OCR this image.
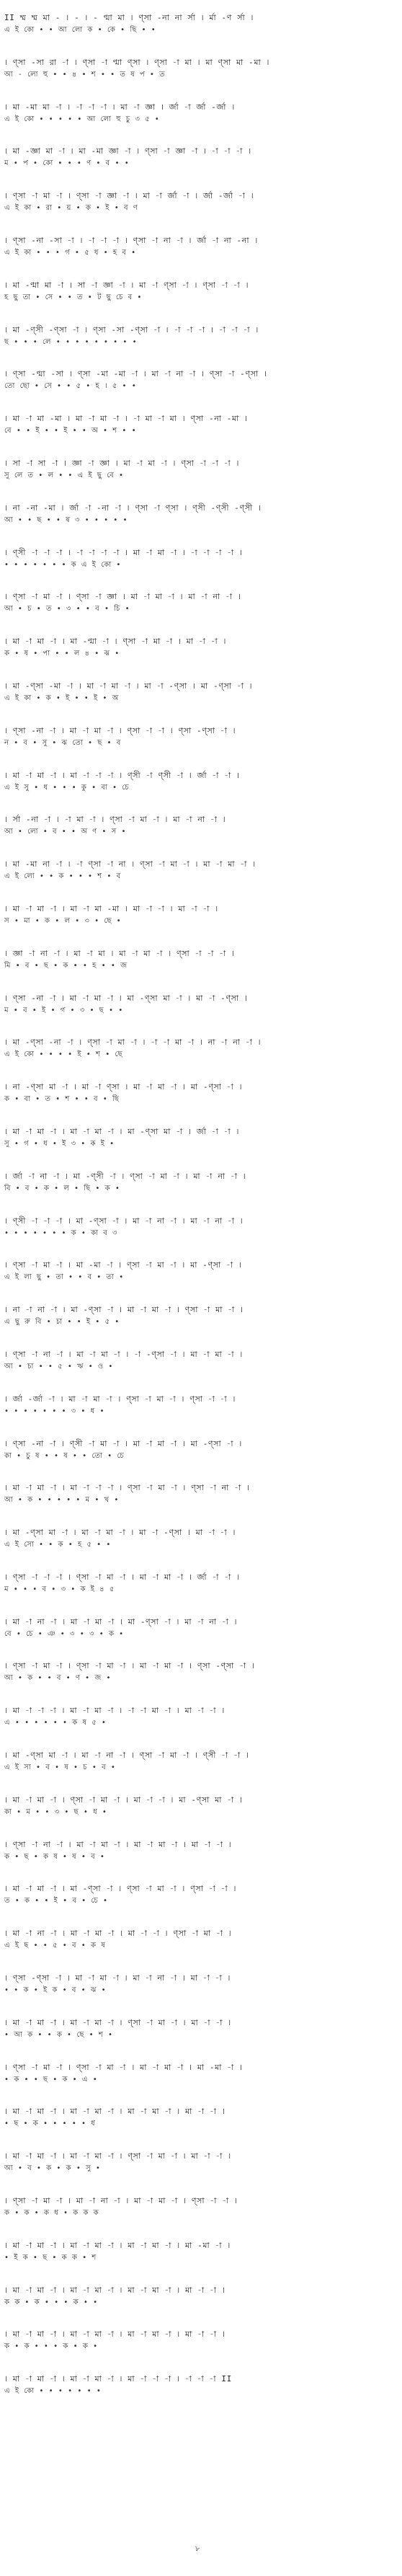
II ম্ম ম্ম মা - । - । - ণ্মা মা । ণ্সা -না না র্সা । র্মা -ণ র্সা ।
এ ই কো • • আ লো ক • কে • ছি • •
। ণ্সা -সা রা -া । ণ্সা -া ণ্মা ণ্সা । ণ্সা -া মা । মা ণ্সা মা -মা ।
আ - লো হু • • ৪ • শ • • ত ষ প • ত
। মা -মা মা -া । -া -া -া । মা -া জ্ঞা । র্জা -া র্জা -র্জা ।
এ ই কো • • • • • আ লো হু চু ৩ ৫ •
। মা -জ্ঞা মা -া । মা -মা জ্ঞা -া । ণ্সা -া জ্ঞা -া । -া -া -া ।
ম • প • কো • • • ণ • ব • •
। ণ্সা -া মা -া । ণ্সা -া জ্ঞা -া । মা -া র্জা -া । র্জা -র্জা -া ।
এ ই কা • রা • য় • ক • ই • ব ণ
। ণ্সা -না -সা -া । -া -া -া । ণ্সা -া না -া । র্জা -া না -না ।
এ ই কা • • • গ • ৫ ধ • হ ব •
। মা -ণ্মা মা -া । সা -া জ্ঞা -া । মা -া ণ্সা -া । ণ্সা -া -া ।
হ ছু তা • সে • • ত • ট ছু চে ব •
। মা -ণ্সী -ণ্সা -া । ণ্সা -সা -ণ্সা -া । -া -া -া । -া -া -া ।
ছ • • • লে • • • • • • • • •
। ণ্সা -ণ্মা -সা । ণ্সা -মা -মা -া । মা -া না -া । ণ্সা -া -ণ্সা ।
তো ছো • সে • • ৫ • হ । ৫ • •
। মা -া মা -মা । মা -া মা -া । -া মা -া মা । ণ্সা -না -মা ।
বে • • ই • • ই • • অ • শ • •
। সা -া সা -া । জ্ঞা -া জ্ঞা । মা -া মা -া । ণ্সা -া -া -া ।
সু লে ত • ল • • এ ই ছু বে •
। না -না -মা । র্জা -া -না -া । ণ্সা -া ণ্সা । ণ্সী -ণ্সী -ণ্সী ।
আ • • ছ • • ষ ৩ • • • • •
। ণ্সী -া -া -া । -া -া -া -া । মা -া মা -া । -া -া -া -া ।
• • • • • • • ক এ ই কো •
। ণ্সা -া মা -া । ণ্সা -া জ্ঞা । মা -া মা -া । মা -া না -া ।
আ • চ • ত • ৩ • • ব • চি •
। মা -া মা -া । মা -ণ্মা -া । ণ্সা -া মা -া । মা -া -া ।
ক • ষ • পা • • ল ৪ • ঝ •
। মা -ণ্সা -মা -া । মা -া মা -া । মা -া -ণ্সা । মা -ণ্সা -া ।
এ ই কা • ক • ই • • ই • অ
। ণ্সা -না -া । মা -া মা -া । ণ্সা -া -া । ণ্সা -ণ্সা -া ।
ন • ব • সু • ঝ তো • ছ • ব
। মা -া মা -া । মা -া -া -া । ণ্সী -া ণ্সী -া । র্জা -া -া ।
এ ই সু • ধ • • • কু • বা • চে
। র্সা -না -া । -া মা -া । ণ্সা -া মা -া । মা -া না -া ।
আ • লো • ব • • অ ণ • স •
। মা -মা না -া । -া ণ্সা -া না । ণ্সা -া মা -া । মা -া মা -া ।
এ ই লো • • ক • • • শ • ব
। মা -া মা -া । মা -া মা -মা । মা -া -া । মা -া -া ।
স • মা • ক • ল • ৩ • ছে •
। জ্ঞা -া না -া । মা -া মা । মা -া মা -া । ণ্সা -া -া -া ।
মি • ব • ছ • ক • • হ • • জ
। ণ্সা -না -া । মা -া মা -া । মা -ণ্সা মা -া । মা -া -ণ্সা ।
ম • ব • ই • গ • ৩ • ছ • •
। মা -ণ্সা -না -া । ণ্সা -া মা -া । -া -া মা -া । না -া না -া ।
এ ই কো • • • • ই • শ • ছে
। না -ণ্সা মা -া । মা -া ণ্সা । মা -া মা -া । মা -ণ্সা -া ।
ক • বা • ত • শ • • ব • ছি
। মা -া মা -া । মা -া মা -া । মা -ণ্সা মা -া । র্জা -া -া ।
সু • গ • ধ • ই ৩ • ক ই •
। র্জা -া না -া । মা -ণ্সী -া । ণ্সা -া মা -া । মা -া না -া ।
বি • ব • ক • ল • ছি • ক •
। ণ্সী -া -া -া । মা -ণ্সা -া । মা -া না -া । মা -া না -া ।
• • • • • • • ক • কা ব ৩
। ণ্সা -া মা -া । মা -মা -া । ণ্সা -া মা -া । মা -ণ্সা -া ।
এ ই লা ছু • তা • • ব • তা •
। না -া না -া । মা -ণ্সা -া । মা -া মা -া । ণ্সা -া মা -া ।
এ ছু রু বি • চা • • ই • ৫ •
। ণ্সা -া না -া । মা -া মা -া । -া -ণ্সা -া । মা -া মা -া ।
আ • চা • • ৫ • ঋ • ও •
। র্জা -র্জা -া । মা -া মা -া । ণ্সা -া মা -া । ণ্সা -া -া ।
• • • • • • • ৩ • ধ •
। ণ্সা -না -া । ণ্সী -া মা -া । মা -া মা -া । মা -ণ্সা -া ।
কা • চু ষ • • ষ • • তো • চে
। মা -া মা -া । মা -া -া -া । ণ্সা -া মা -া । ণ্সা -া না -া ।
আ • ক • • • • • ম • খ •
। মা -ণ্সা মা -া । মা -া মা -া । মা -া -ণ্সা । মা -া -া ।
এ ই সো • • ক • হ ৫ • •
। ণ্সা -া -া -া । ণ্সা -া মা -া । মা -া মা -া । র্জা -া -া ।
ম • • • ব • ৩ • ক ই ৪ ৫
। মা -া না -া । মা -া মা -া । মা -ণ্সা -া । মা -া না -া ।
বে • চে • ঞ • ৩ • ৩ • ক •
। ণ্সা -া মা -া । ণ্সা -া মা -া । মা -া মা -া । ণ্সা -ণ্সা -া ।
আ • ক • • ব • ণ • জ •
। মা -া -া -া । মা -া মা -া । -া -া মা -া । মা -া -া ।
এ • • • • • • ক ষ ৫ •
। মা -ণ্সা মা -া । মা -া না -া । ণ্সা -া মা -া । ণ্সী -া -া ।
এ ই সা • ব • ষ • চ • ব •
। মা -া মা -া । ণ্সা -া মা -া । মা -া -া । মা -ণ্সা মা -া ।
কা • ম • • ৩ • ছ • ধ •
। ণ্সা -া না -া । মা -া মা -া । মা -া মা -া । মা -া -া ।
ক • ছ • ক ষ • ষ • ব •
। মা -া মা -া । মা -ণ্সা -া । ণ্সা -া মা -া । ণ্সা -া -া ।
ত • ক • • ই • ব • চে •
। মা -া না -া । মা -া মা -া । মা -া -া । ণ্সা -া মা -া ।
এ ই ছ • • ৫ • ব • ক ষ
। ণ্সা -ণ্সা -া । মা -া মা -া । মা -া না -া । মা -া -া ।
• • ক • ই ক • ব • ঝ •
। মা -া মা -া । মা -া মা -া । ণ্সা -া মা -া । মা -া -া ।
• আ ক • • ক • ছে • শ •
। ণ্সা -া মা -া । ণ্সা -া মা -া । মা -া মা -া । মা -মা -া ।
• ক • • ছ • ক • এ •
। মা -া মা -া । মা -া মা -া । মা -া মা -া । মা -া -া ।
• ছ • ক • • • • • ধ
। মা -া মা -া । মা -া মা -া । ণ্সা -া মা -া । মা -া -া ।
আ • ব • ক • ক • সু •
। ণ্সা -া মা -া । মা -া না -া । মা -া মা -া । ণ্সা -া -া ।
ক • ক • ক ধ • ক ক ক
। মা -া মা -া । মা -া মা -া । মা -া মা -া । মা -মা -া ।
• ই ক • ছ • ক ক • শ
। মা -া মা -া । মা -া মা -া । মা -া মা -া । মা -া -া ।
ক ক • ক • • • ক • •
। মা -া মা -া । মা -া মা -া । মা -া মা -া । মা -া -া ।
ক • ক • • • ক • ক •
। মা -া মা -া । মা -া মা -া । মা -া -া -া । -া -া -া II
এ ই কো • • • • • • •
৮
